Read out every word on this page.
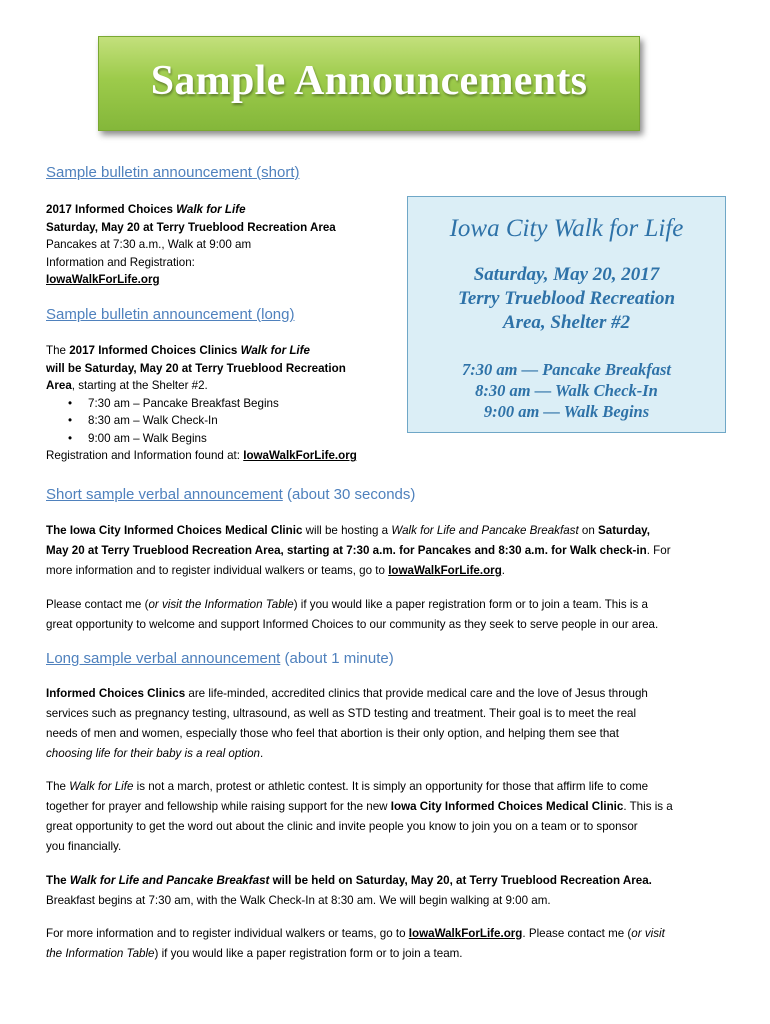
Sample Announcements
Sample bulletin announcement (short)
2017 Informed Choices Walk for Life
Saturday, May 20 at Terry Trueblood Recreation Area
Pancakes at 7:30 a.m., Walk at 9:00 am
Information and Registration:
IowaWalkForLife.org
Sample bulletin announcement (long)
The 2017 Informed Choices Clinics Walk for Life
will be Saturday, May 20 at Terry Trueblood Recreation
Area, starting at the Shelter #2.
• 7:30 am – Pancake Breakfast Begins
• 8:30 am – Walk Check-In
• 9:00 am – Walk Begins
Registration and Information found at: IowaWalkForLife.org
Iowa City Walk for Life
Saturday, May 20, 2017
Terry Trueblood Recreation
Area, Shelter #2
7:30 am — Pancake Breakfast
8:30 am — Walk Check-In
9:00 am — Walk Begins
Short sample verbal announcement (about 30 seconds)
The Iowa City Informed Choices Medical Clinic will be hosting a Walk for Life and Pancake Breakfast on Saturday,
May 20 at Terry Trueblood Recreation Area, starting at 7:30 a.m. for Pancakes and 8:30 a.m. for Walk check-in. For
more information and to register individual walkers or teams, go to IowaWalkForLife.org.
Please contact me (or visit the Information Table) if you would like a paper registration form or to join a team. This is a
great opportunity to welcome and support Informed Choices to our community as they seek to serve people in our area.
Long sample verbal announcement (about 1 minute)
Informed Choices Clinics are life-minded, accredited clinics that provide medical care and the love of Jesus through
services such as pregnancy testing, ultrasound, as well as STD testing and treatment. Their goal is to meet the real
needs of men and women, especially those who feel that abortion is their only option, and helping them see that
choosing life for their baby is a real option.
The Walk for Life is not a march, protest or athletic contest. It is simply an opportunity for those that affirm life to come
together for prayer and fellowship while raising support for the new Iowa City Informed Choices Medical Clinic. This is a
great opportunity to get the word out about the clinic and invite people you know to join you on a team or to sponsor
you financially.
The Walk for Life and Pancake Breakfast will be held on Saturday, May 20, at Terry Trueblood Recreation Area.
Breakfast begins at 7:30 am, with the Walk Check-In at 8:30 am. We will begin walking at 9:00 am.
For more information and to register individual walkers or teams, go to IowaWalkForLife.org. Please contact me (or visit
the Information Table) if you would like a paper registration form or to join a team.
